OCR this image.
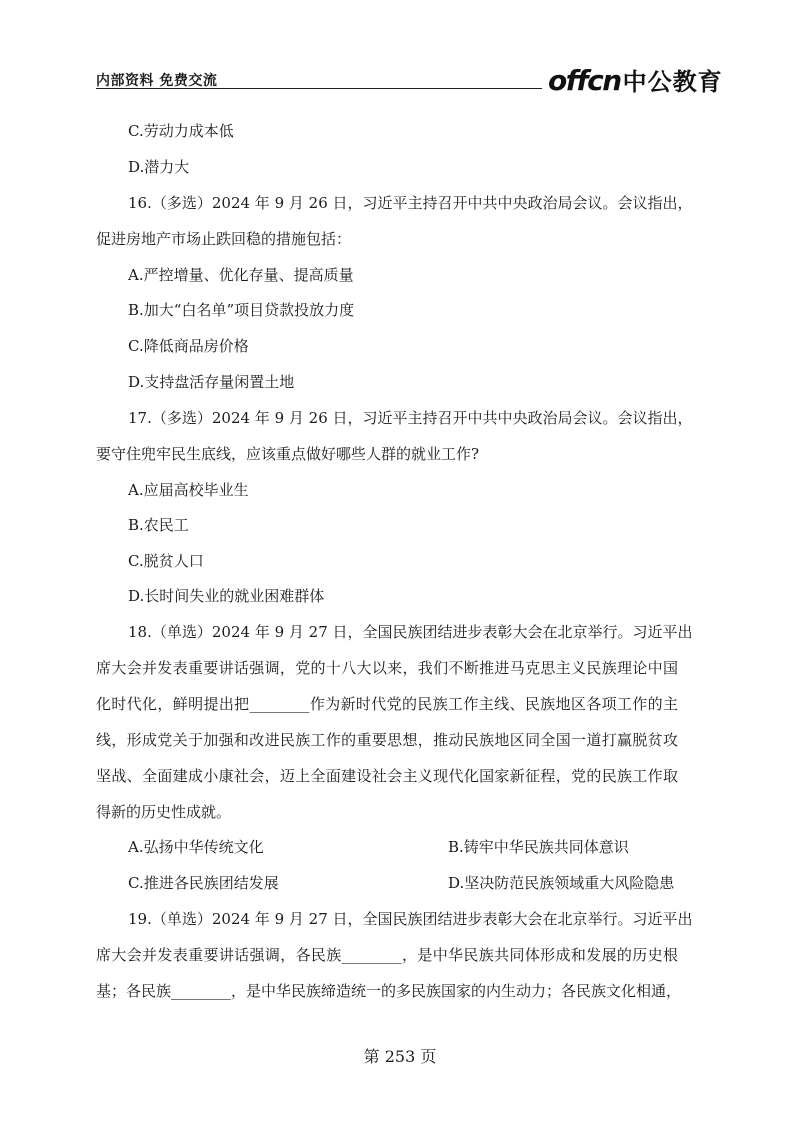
内部资料 免费交流	offcn中公教育
C.劳动力成本低
D.潜力大
16.（多选）2024 年 9 月 26 日，习近平主持召开中共中央政治局会议。会议指出，
促进房地产市场止跌回稳的措施包括：
A.严控增量、优化存量、提高质量
B.加大“白名单”项目贷款投放力度
C.降低商品房价格
D.支持盘活存量闲置土地
17.（多选）2024 年 9 月 26 日，习近平主持召开中共中央政治局会议。会议指出，
要守住兜牢民生底线，应该重点做好哪些人群的就业工作?
A.应届高校毕业生
B.农民工
C.脱贫人口
D.长时间失业的就业困难群体
18.（单选）2024 年 9 月 27 日，全国民族团结进步表彰大会在北京举行。习近平出
席大会并发表重要讲话强调，党的十八大以来，我们不断推进马克思主义民族理论中国
化时代化，鲜明提出把________作为新时代党的民族工作主线、民族地区各项工作的主
线，形成党关于加强和改进民族工作的重要思想，推动民族地区同全国一道打赢脱贫攻
坚战、全面建成小康社会，迈上全面建设社会主义现代化国家新征程，党的民族工作取
得新的历史性成就。
A.弘扬中华传统文化	B.铸牢中华民族共同体意识
C.推进各民族团结发展	D.坚决防范民族领域重大风险隐患
19.（单选）2024 年 9 月 27 日，全国民族团结进步表彰大会在北京举行。习近平出
席大会并发表重要讲话强调，各民族________，是中华民族共同体形成和发展的历史根
基；各民族________，是中华民族缔造统一的多民族国家的内生动力；各民族文化相通，
第 253 页
